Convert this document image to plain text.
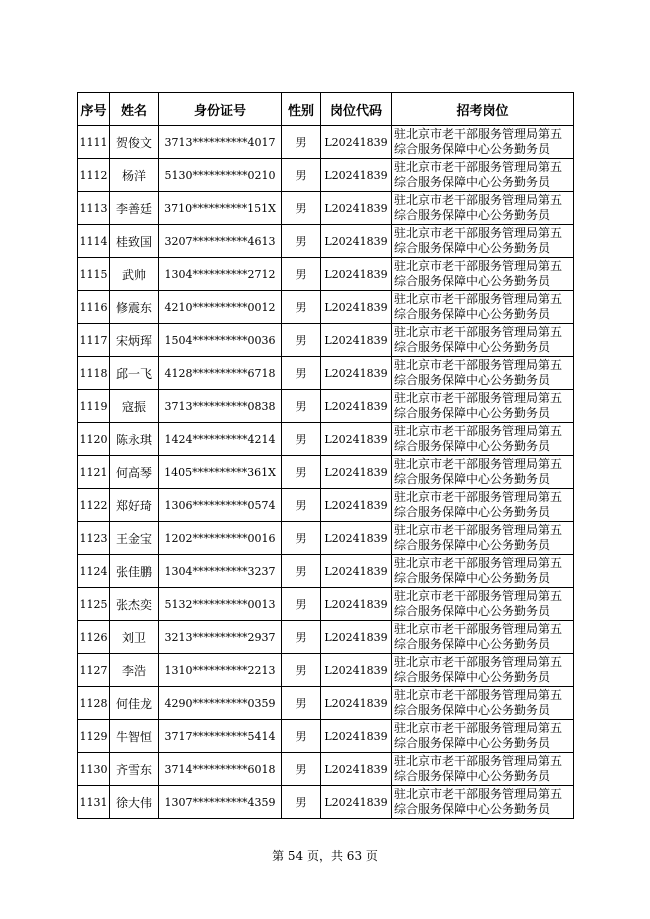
序号	姓名	身份证号	性别	岗位代码	招考岗位
1111	贺俊文	3713**********4017	男	L20241839	驻北京市老干部服务管理局第五综合服务保障中心公务勤务员
1112	杨洋	5130**********0210	男	L20241839	驻北京市老干部服务管理局第五综合服务保障中心公务勤务员
1113	李善廷	3710**********151X	男	L20241839	驻北京市老干部服务管理局第五综合服务保障中心公务勤务员
1114	桂致国	3207**********4613	男	L20241839	驻北京市老干部服务管理局第五综合服务保障中心公务勤务员
1115	武帅	1304**********2712	男	L20241839	驻北京市老干部服务管理局第五综合服务保障中心公务勤务员
1116	修震东	4210**********0012	男	L20241839	驻北京市老干部服务管理局第五综合服务保障中心公务勤务员
1117	宋炳珲	1504**********0036	男	L20241839	驻北京市老干部服务管理局第五综合服务保障中心公务勤务员
1118	邱一飞	4128**********6718	男	L20241839	驻北京市老干部服务管理局第五综合服务保障中心公务勤务员
1119	寇振	3713**********0838	男	L20241839	驻北京市老干部服务管理局第五综合服务保障中心公务勤务员
1120	陈永琪	1424**********4214	男	L20241839	驻北京市老干部服务管理局第五综合服务保障中心公务勤务员
1121	何高琴	1405**********361X	男	L20241839	驻北京市老干部服务管理局第五综合服务保障中心公务勤务员
1122	郑好琦	1306**********0574	男	L20241839	驻北京市老干部服务管理局第五综合服务保障中心公务勤务员
1123	王金宝	1202**********0016	男	L20241839	驻北京市老干部服务管理局第五综合服务保障中心公务勤务员
1124	张佳鹏	1304**********3237	男	L20241839	驻北京市老干部服务管理局第五综合服务保障中心公务勤务员
1125	张杰奕	5132**********0013	男	L20241839	驻北京市老干部服务管理局第五综合服务保障中心公务勤务员
1126	刘卫	3213**********2937	男	L20241839	驻北京市老干部服务管理局第五综合服务保障中心公务勤务员
1127	李浩	1310**********2213	男	L20241839	驻北京市老干部服务管理局第五综合服务保障中心公务勤务员
1128	何佳龙	4290**********0359	男	L20241839	驻北京市老干部服务管理局第五综合服务保障中心公务勤务员
1129	牛智恒	3717**********5414	男	L20241839	驻北京市老干部服务管理局第五综合服务保障中心公务勤务员
1130	齐雪东	3714**********6018	男	L20241839	驻北京市老干部服务管理局第五综合服务保障中心公务勤务员
1131	徐大伟	1307**********4359	男	L20241839	驻北京市老干部服务管理局第五综合服务保障中心公务勤务员
第 54 页，共 63 页
